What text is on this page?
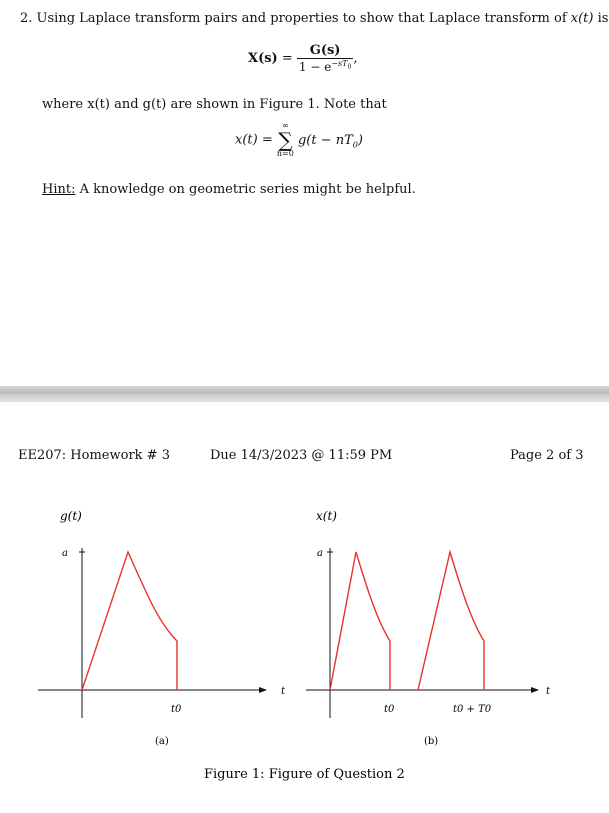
2. Using Laplace transform pairs and properties to show that Laplace transform of x(t) is
$X(s) = \frac{G(s)}{1 - e^{-sT_0}}$ ,
where x(t) and g(t) are shown in Figure 1. Note that
x(t) =
∞
∑
n=0
$g(t - nT_0)$
Hint: A knowledge on geometric series might be helpful.
EE207: Homework # 3	Due 14/3/2023 @ 11:59 PM	Page 2 of 3
g(t)
a
t0
t
(a)
x(t)
a
t0	t0 + T0
t
(b)
Figure 1: Figure of Question 2
